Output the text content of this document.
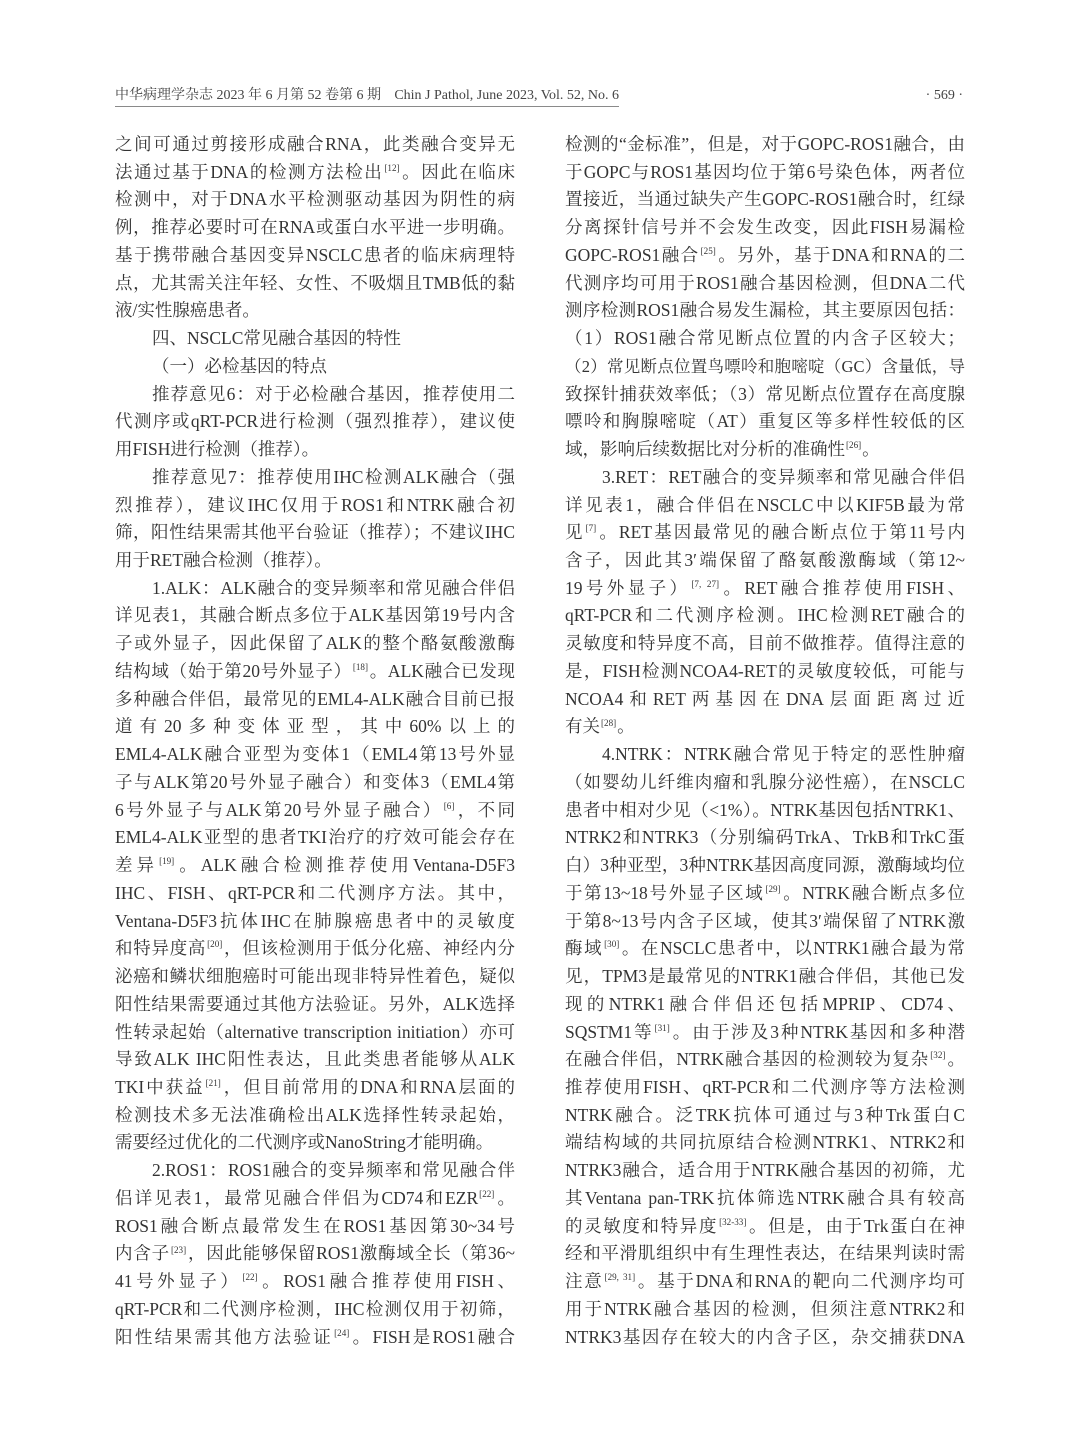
中华病理学杂志 2023 年 6 月第 52 卷第 6 期 Chin J Pathol, June 2023, Vol. 52, No. 6	· 569 ·
之间可通过剪接形成融合RNA，此类融合变异无
法通过基于DNA的检测方法检出[12]。因此在临床
检测中，对于DNA水平检测驱动基因为阴性的病
例，推荐必要时可在RNA或蛋白水平进一步明确。
基于携带融合基因变异NSCLC患者的临床病理特
点，尤其需关注年轻、女性、不吸烟且TMB低的黏
液/实性腺癌患者。
四、NSCLC常见融合基因的特性
（一）必检基因的特点
推荐意见6：对于必检融合基因，推荐使用二
代测序或qRT-PCR进行检测（强烈推荐），建议使
用FISH进行检测（推荐）。
推荐意见7：推荐使用IHC检测ALK融合（强
烈推荐），建议IHC仅用于ROS1和NTRK融合初
筛，阳性结果需其他平台验证（推荐）；不建议IHC
用于RET融合检测（推荐）。
1.ALK：ALK融合的变异频率和常见融合伴侣
详见表1，其融合断点多位于ALK基因第19号内含
子或外显子，因此保留了ALK的整个酪氨酸激酶
结构域（始于第20号外显子）[18]。ALK融合已发现
多种融合伴侣，最常见的EML4-ALK融合目前已报
道有20多种变体亚型，其中60%以上的
EML4-ALK融合亚型为变体1（EML4第13号外显
子与ALK第20号外显子融合）和变体3（EML4第
6号外显子与ALK第20号外显子融合）[6]，不同
EML4-ALK亚型的患者TKI治疗的疗效可能会存在
差异[19]。ALK融合检测推荐使用Ventana-D5F3
IHC、FISH、qRT-PCR和二代测序方法。其中，
Ventana-D5F3抗体IHC在肺腺癌患者中的灵敏度
和特异度高[20]，但该检测用于低分化癌、神经内分
泌癌和鳞状细胞癌时可能出现非特异性着色，疑似
阳性结果需要通过其他方法验证。另外，ALK选择
性转录起始（alternative transcription initiation）亦可
导致ALK IHC阳性表达，且此类患者能够从ALK
TKI中获益[21]，但目前常用的DNA和RNA层面的
检测技术多无法准确检出ALK选择性转录起始，
需要经过优化的二代测序或NanoString才能明确。
2.ROS1：ROS1融合的变异频率和常见融合伴
侣详见表1，最常见融合伴侣为CD74和EZR[22]。
ROS1融合断点最常发生在ROS1基因第30~34号
内含子[23]，因此能够保留ROS1激酶域全长（第36~
41号外显子）[22]。ROS1融合推荐使用FISH、
qRT-PCR和二代测序检测，IHC检测仅用于初筛，
阳性结果需其他方法验证[24]。FISH是ROS1融合
检测的“金标准”，但是，对于GOPC-ROS1融合，由
于GOPC与ROS1基因均位于第6号染色体，两者位
置接近，当通过缺失产生GOPC-ROS1融合时，红绿
分离探针信号并不会发生改变，因此FISH易漏检
GOPC-ROS1融合[25]。另外，基于DNA和RNA的二
代测序均可用于ROS1融合基因检测，但DNA二代
测序检测ROS1融合易发生漏检，其主要原因包括：
（1）ROS1融合常见断点位置的内含子区较大；
（2）常见断点位置鸟嘌呤和胞嘧啶（GC）含量低，导
致探针捕获效率低；（3）常见断点位置存在高度腺
嘌呤和胸腺嘧啶（AT）重复区等多样性较低的区
域，影响后续数据比对分析的准确性[26]。
3.RET：RET融合的变异频率和常见融合伴侣
详见表1，融合伴侣在NSCLC中以KIF5B最为常
见[7]。RET基因最常见的融合断点位于第11号内
含子，因此其3′端保留了酪氨酸激酶域（第12~
19号外显子）[7, 27]。RET融合推荐使用FISH、
qRT-PCR和二代测序检测。IHC检测RET融合的
灵敏度和特异度不高，目前不做推荐。值得注意的
是，FISH检测NCOA4-RET的灵敏度较低，可能与
NCOA4和RET两基因在DNA层面距离过近
有关[28]。
4.NTRK：NTRK融合常见于特定的恶性肿瘤
（如婴幼儿纤维肉瘤和乳腺分泌性癌），在NSCLC
患者中相对少见（<1%）。NTRK基因包括NTRK1、
NTRK2和NTRK3（分别编码TrkA、TrkB和TrkC蛋
白）3种亚型，3种NTRK基因高度同源，激酶域均位
于第13~18号外显子区域[29]。NTRK融合断点多位
于第8~13号内含子区域，使其3′端保留了NTRK激
酶域[30]。在NSCLC患者中，以NTRK1融合最为常
见，TPM3是最常见的NTRK1融合伴侣，其他已发
现的NTRK1融合伴侣还包括MPRIP、CD74、
SQSTM1等[31]。由于涉及3种NTRK基因和多种潜
在融合伴侣，NTRK融合基因的检测较为复杂[32]。
推荐使用FISH、qRT-PCR和二代测序等方法检测
NTRK融合。泛TRK抗体可通过与3种Trk蛋白C
端结构域的共同抗原结合检测NTRK1、NTRK2和
NTRK3融合，适合用于NTRK融合基因的初筛，尤
其Ventana pan-TRK抗体筛选NTRK融合具有较高
的灵敏度和特异度[32-33]。但是，由于Trk蛋白在神
经和平滑肌组织中有生理性表达，在结果判读时需
注意[29, 31]。基于DNA和RNA的靶向二代测序均可
用于NTRK融合基因的检测，但须注意NTRK2和
NTRK3基因存在较大的内含子区，杂交捕获DNA
